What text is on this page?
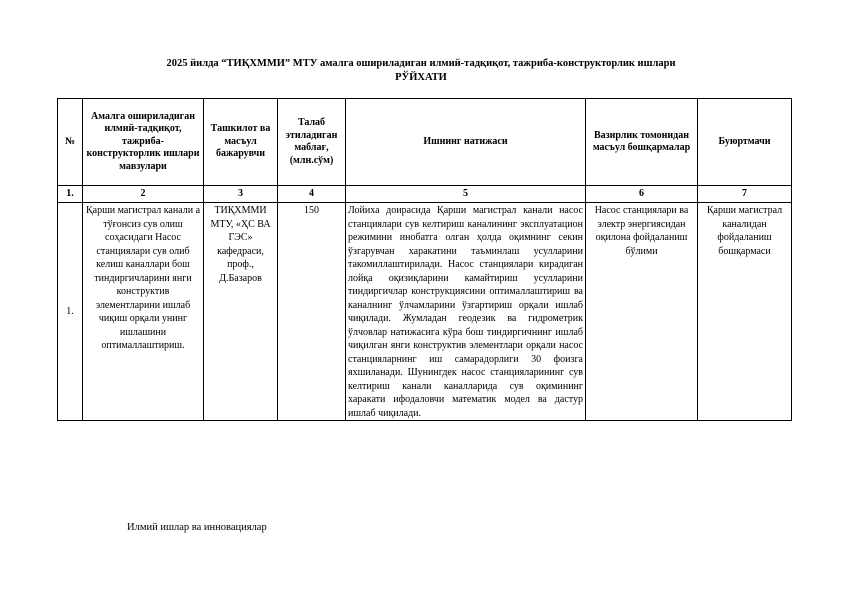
2025 йилда “ТИҚХММИ” МТУ амалга ошириладиган илмий-тадқиқот, тажриба-конструкторлик ишлари
РЎЙХАТИ
№	Амалга ошириладиган илмий-тадқиқот, тажриба-конструкторлик ишлари мавзулари	Ташкилот ва масъул бажарувчи	Талаб этиладиган маблағ, (млн.сўм)	Ишнинг натижаси	Вазирлик томонидан масъул бошқармалар	Буюртмачи
1.	2	3	4	5	6	7
1.	Қарши магистрал канали а тўғонсиз сув олиш соҳасидаги Насос станциялари сув олиб келиш каналлари бош тиндиргичларини янги конструктив элементларини ишлаб чиқиш орқали унинг ишлашини оптималлаштириш.	ТИҚХММИ МТУ, «ҲС ВА ГЭС» кафедраси, проф., Д.Базаров	150	Лойиха доирасида Қарши магистрал канали насос станциялари сув келтириш каналининг эксплуатацион режимини инобатга олган ҳолда оқимнинг секин ўзгарувчан харакатини таъминлаш усулларини такомиллаштирилади. Насос станциялари кирадиган лойқа оқизиқларини камайтириш усулларини тиндиргичлар конструкциясини оптималлаштириш ва каналнинг ўлчамларини ўзгартириш орқали ишлаб чиқилади. Жумладан геодезик ва гидрометрик ўлчовлар натижасига кўра бош тиндиргичнинг ишлаб чиқилган янги конструктив элементлари орқали насос станцияларнинг иш самарадорлиги 30 фоизга яхшиланади. Шунингдек насос станцияларининг сув келтириш канали каналларида сув оқимининг харакати ифодаловчи математик модел ва дастур ишлаб чиқилади.	Насос станциялари ва электр энергиясидан оқилона фойдаланиш бўлими	Қарши магистрал каналидан фойдаланиш бошқармаси
Илмий ишлар ва инновациялар
